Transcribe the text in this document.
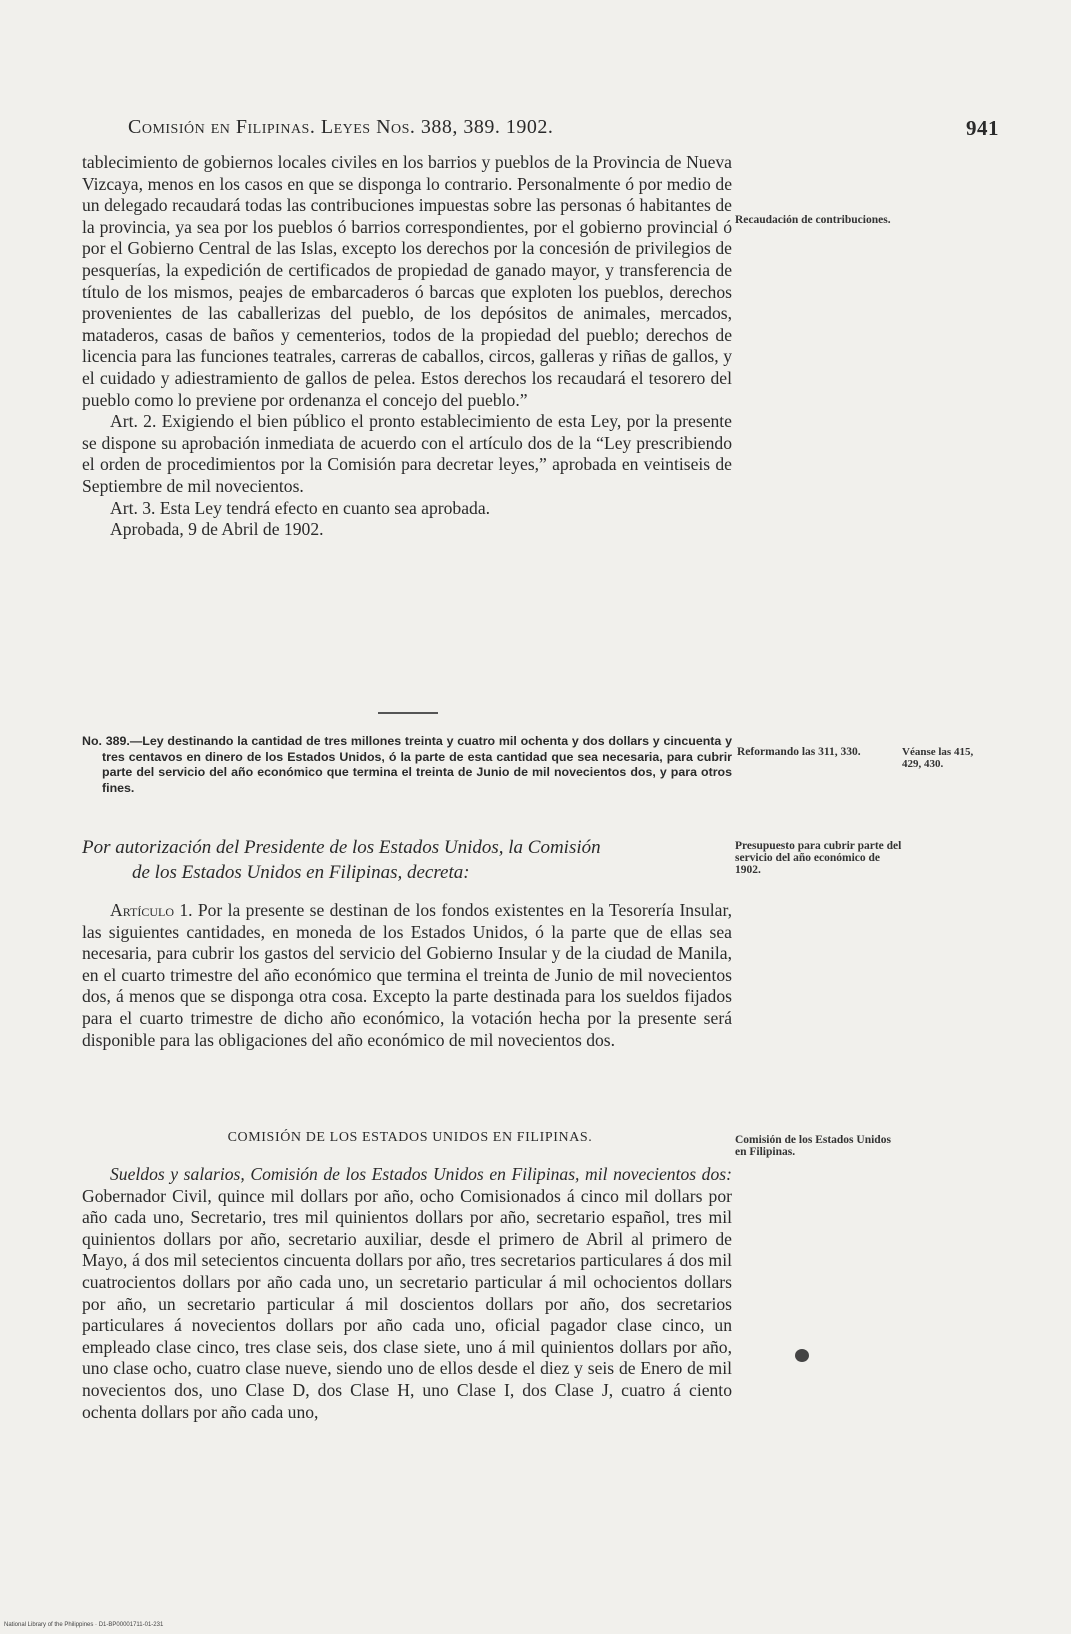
Comisión en Filipinas. Leyes Nos. 388, 389. 1902.	941

tablecimiento de gobiernos locales civiles en los barrios y pueblos de la Provincia de Nueva Vizcaya, menos en los casos en que se disponga lo contrario. Personalmente ó por medio de un delegado recaudará todas las contribuciones impuestas sobre las personas ó habitantes de la provincia, ya sea por los pueblos ó barrios correspondientes, por el gobierno provincial ó por el Gobierno Central de las Islas, excepto los derechos por la concesión de privilegios de pesquerías, la expedición de certificados de propiedad de ganado mayor, y transferencia de título de los mismos, peajes de embarcaderos ó barcas que exploten los pueblos, derechos provenientes de las caballerizas del pueblo, de los depósitos de animales, mercados, mataderos, casas de baños y cementerios, todos de la propiedad del pueblo; derechos de licencia para las funciones teatrales, carreras de caballos, circos, galleras y riñas de gallos, y el cuidado y adiestramiento de gallos de pelea. Estos derechos los recaudará el tesorero del pueblo como lo previene por ordenanza el concejo del pueblo.”

Art. 2. Exigiendo el bien público el pronto establecimiento de esta Ley, por la presente se dispone su aprobación inmediata de acuerdo con el artículo dos de la “Ley prescribiendo el orden de procedimientos por la Comisión para decretar leyes,” aprobada en veintiseis de Septiembre de mil novecientos.

Art. 3. Esta Ley tendrá efecto en cuanto sea aprobada.

Aprobada, 9 de Abril de 1902.

Recaudación de contribuciones.
No. 389.—Ley destinando la cantidad de tres millones treinta y cuatro mil ochenta y dos dollars y cincuenta y tres centavos en dinero de los Estados Unidos, ó la parte de esta cantidad que sea necesaria, para cubrir parte del servicio del año económico que termina el treinta de Junio de mil novecientos dos, y para otros fines.
Reformando las 311, 330.	Véanse las 415, 429, 430.
Por autorización del Presidente de los Estados Unidos, la Comisión
de los Estados Unidos en Filipinas, decreta:
Presupuesto para cubrir parte del servicio del año económico de 1902.

Artículo 1. Por la presente se destinan de los fondos existentes en la Tesorería Insular, las siguientes cantidades, en moneda de los Estados Unidos, ó la parte que de ellas sea necesaria, para cubrir los gastos del servicio del Gobierno Insular y de la ciudad de Manila, en el cuarto trimestre del año económico que termina el treinta de Junio de mil novecientos dos, á menos que se disponga otra cosa. Excepto la parte destinada para los sueldos fijados para el cuarto trimestre de dicho año económico, la votación hecha por la presente será disponible para las obligaciones del año económico de mil novecientos dos.

COMISIÓN DE LOS ESTADOS UNIDOS EN FILIPINAS.	Comisión de los Estados Unidos en Filipinas.

Sueldos y salarios, Comisión de los Estados Unidos en Filipinas, mil novecientos dos: Gobernador Civil, quince mil dollars por año, ocho Comisionados á cinco mil dollars por año cada uno, Secretario, tres mil quinientos dollars por año, secretario español, tres mil quinientos dollars por año, secretario auxiliar, desde el primero de Abril al primero de Mayo, á dos mil setecientos cincuenta dollars por año, tres secretarios particulares á dos mil cuatrocientos dollars por año cada uno, un secretario particular á mil ochocientos dollars por año, un secretario particular á mil doscientos dollars por año, dos secretarios particulares á novecientos dollars por año cada uno, oficial pagador clase cinco, un empleado clase cinco, tres clase seis, dos clase siete, uno á mil quinientos dollars por año, uno clase ocho, cuatro clase nueve, siendo uno de ellos desde el diez y seis de Enero de mil novecientos dos, uno Clase D, dos Clase H, uno Clase I, dos Clase J, cuatro á ciento ochenta dollars por año cada uno,

National Library of the Philippines · D1-BP00001711-01-231
